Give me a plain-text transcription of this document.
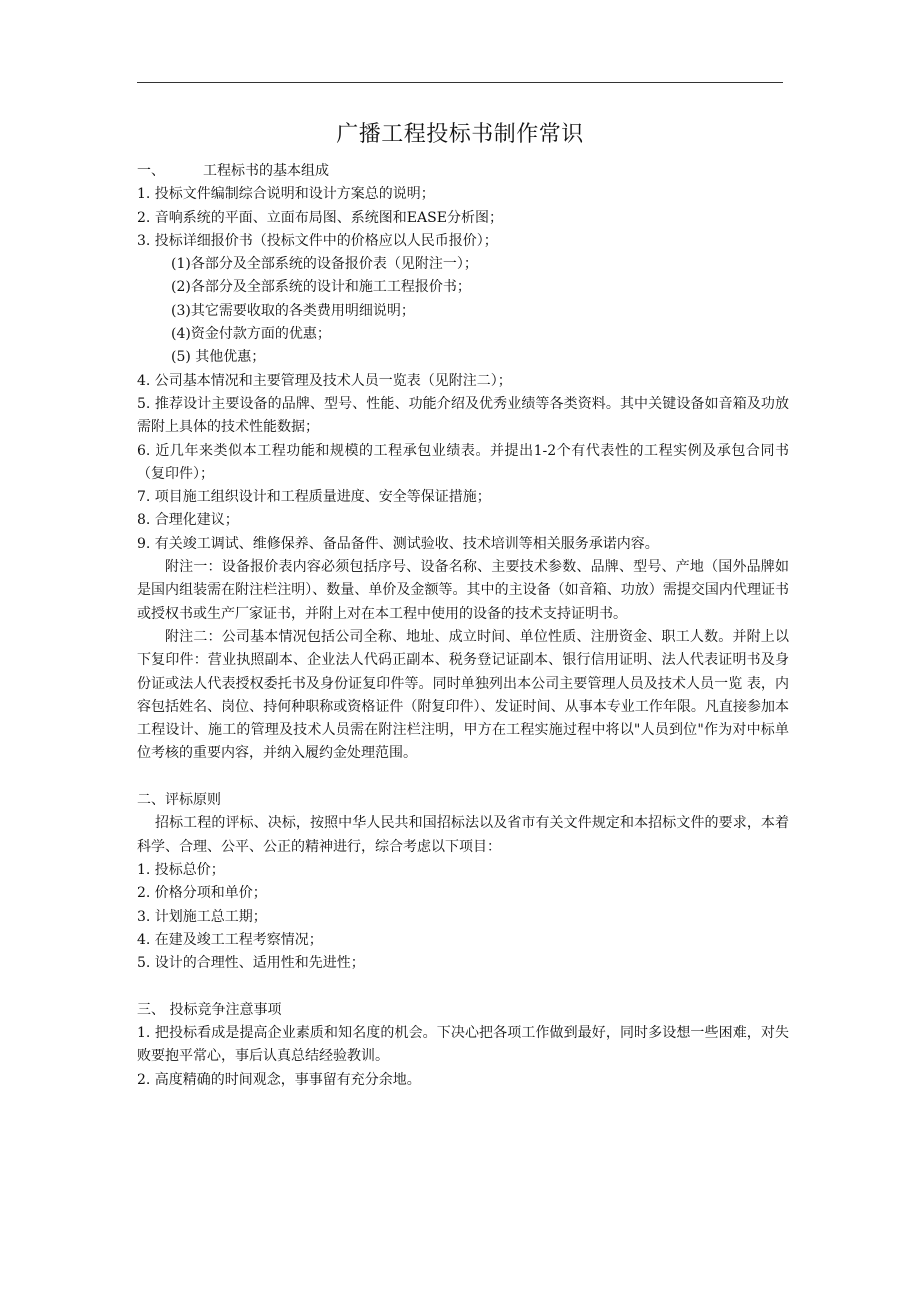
广播工程投标书制作常识

一、	工程标书的基本组成

1. 投标文件编制综合说明和设计方案总的说明；

2. 音响系统的平面、立面布局图、系统图和EASE分析图；

3. 投标详细报价书（投标文件中的价格应以人民币报价）；

(1)各部分及全部系统的设备报价表（见附注一）；

(2)各部分及全部系统的设计和施工工程报价书；

(3)其它需要收取的各类费用明细说明；

(4)资金付款方面的优惠；

(5) 其他优惠；

4. 公司基本情况和主要管理及技术人员一览表（见附注二）；

5. 推荐设计主要设备的品牌、型号、性能、功能介绍及优秀业绩等各类资料。其中关键设备如音箱及功放需附上具体的技术性能数据；

6. 近几年来类似本工程功能和规模的工程承包业绩表。并提出1-2个有代表性的工程实例及承包合同书（复印件）；

7. 项目施工组织设计和工程质量进度、安全等保证措施；

8. 合理化建议；

9. 有关竣工调试、维修保养、备品备件、测试验收、技术培训等相关服务承诺内容。

附注一：设备报价表内容必须包括序号、设备名称、主要技术参数、品牌、型号、产地（国外品牌如是国内组装需在附注栏注明）、数量、单价及金额等。其中的主设备（如音箱、功放）需提交国内代理证书或授权书或生产厂家证书，并附上对在本工程中使用的设备的技术支持证明书。

附注二：公司基本情况包括公司全称、地址、成立时间、单位性质、注册资金、职工人数。并附上以下复印件：营业执照副本、企业法人代码正副本、税务登记证副本、银行信用证明、法人代表证明书及身份证或法人代表授权委托书及身份证复印件等。同时单独列出本公司主要管理人员及技术人员一览 表，内容包括姓名、岗位、持何种职称或资格证件（附复印件）、发证时间、从事本专业工作年限。凡直接参加本工程设计、施工的管理及技术人员需在附注栏注明，甲方在工程实施过程中将以"人员到位"作为对中标单位考核的重要内容，并纳入履约金处理范围。

二、评标原则

招标工程的评标、决标，按照中华人民共和国招标法以及省市有关文件规定和本招标文件的要求，本着科学、合理、公平、公正的精神进行，综合考虑以下项目：

1. 投标总价；

2. 价格分项和单价；

3. 计划施工总工期；

4. 在建及竣工工程考察情况；

5. 设计的合理性、适用性和先进性；

三、 投标竞争注意事项

1. 把投标看成是提高企业素质和知名度的机会。下决心把各项工作做到最好，同时多设想一些困难，对失败要抱平常心，事后认真总结经验教训。

2. 高度精确的时间观念，事事留有充分余地。
